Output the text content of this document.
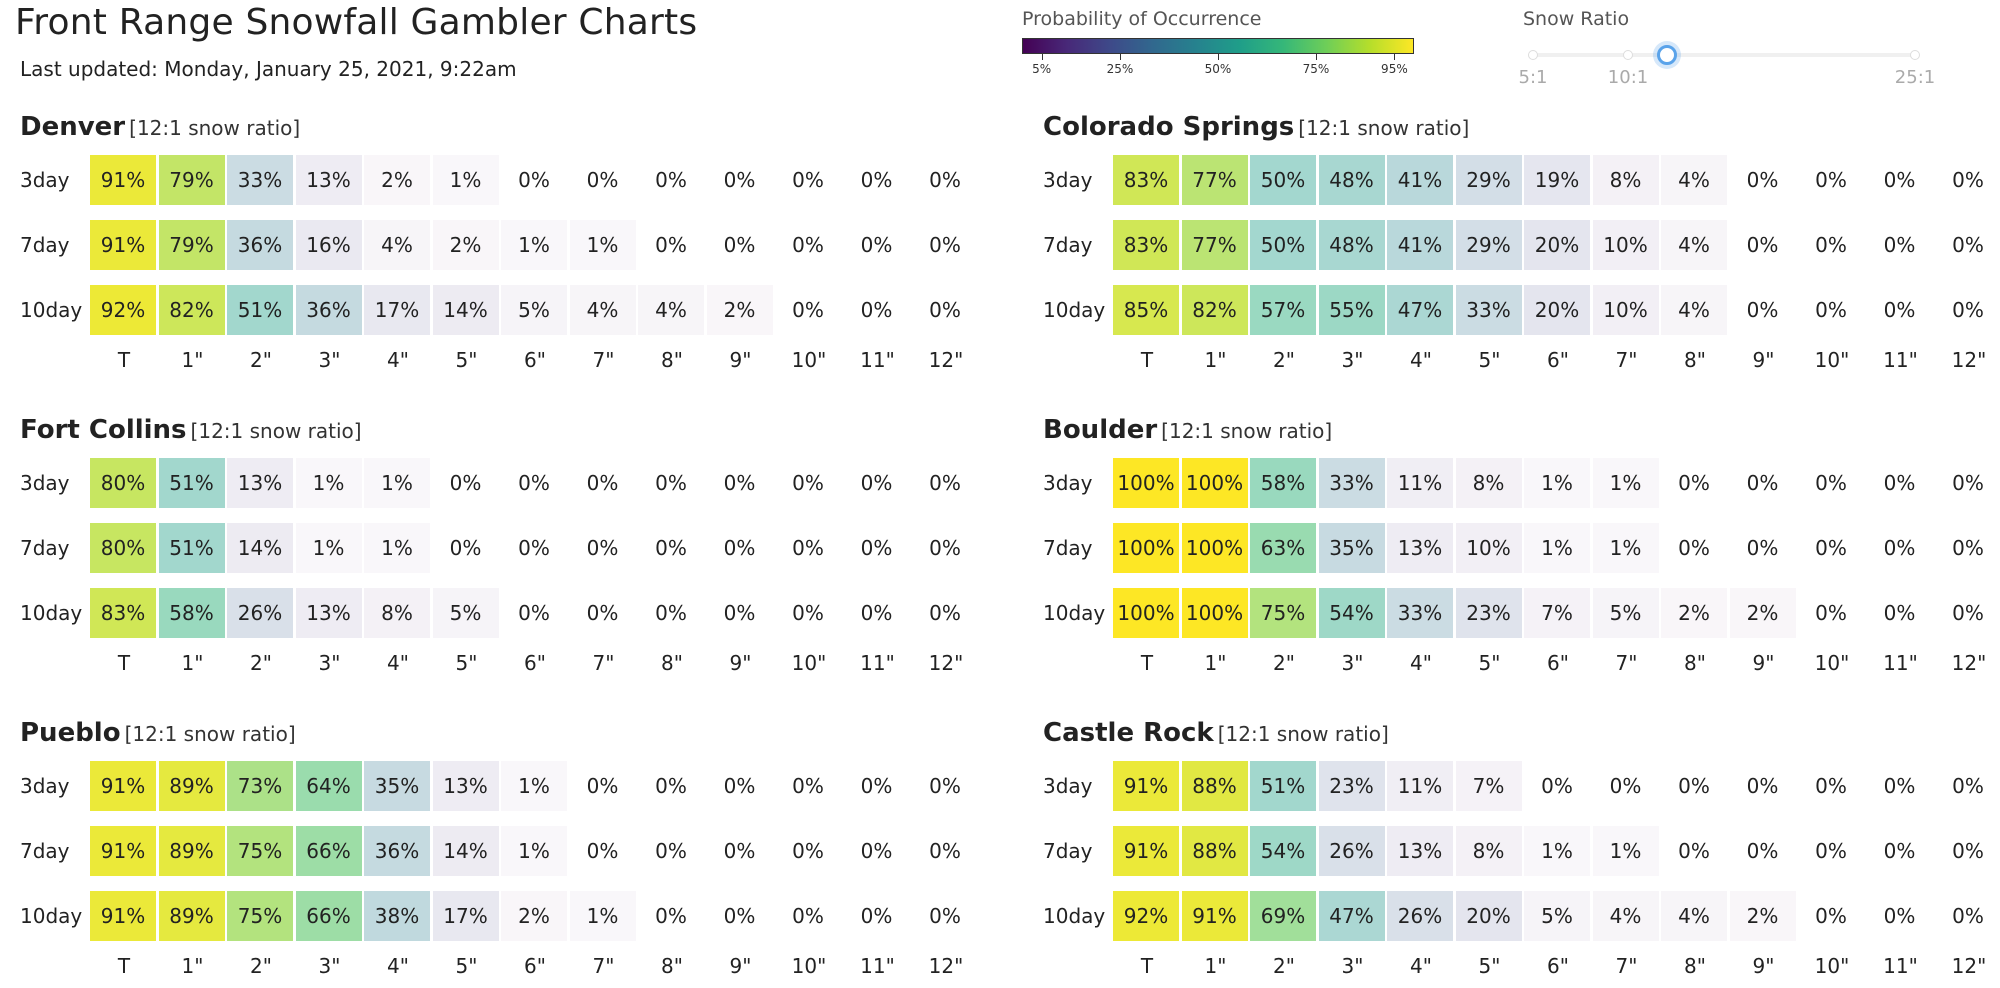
Front Range Snowfall Gambler Charts
Last updated: Monday, January 25, 2021, 9:22am
Probability of Occurrence
5%	25%	50%	75%	95%
Snow Ratio
5:1	10:1	25:1
Denver [12:1 snow ratio]
3day	91%	79%	33%	13%	2%	1%	0%	0%	0%	0%	0%	0%	0%
7day	91%	79%	36%	16%	4%	2%	1%	1%	0%	0%	0%	0%	0%
10day 92%	82%	51%	36%	17%	14%	5%	4%	4%	2%	0%	0%	0%
T	1"	2"	3"	4"	5"	6"	7"	8"	9"	10"	11"	12"
Colorado Springs [12:1 snow ratio]
3day	83%	77%	50%	48%	41%	29%	19%	8%	4%	0%	0%	0%	0%
7day	83%	77%	50%	48%	41%	29%	20%	10%	4%	0%	0%	0%	0%
10day 85%	82%	57%	55%	47%	33%	20%	10%	4%	0%	0%	0%	0%
T	1"	2"	3"	4"	5"	6"	7"	8"	9"	10"	11"	12"
Fort Collins [12:1 snow ratio]
3day	80%	51%	13%	1%	1%	0%	0%	0%	0%	0%	0%	0%	0%
7day	80%	51%	14%	1%	1%	0%	0%	0%	0%	0%	0%	0%	0%
10day 83%	58%	26%	13%	8%	5%	0%	0%	0%	0%	0%	0%	0%
T	1"	2"	3"	4"	5"	6"	7"	8"	9"	10"	11"	12"
Boulder [12:1 snow ratio]
3day 100% 100% 58%	33%	11%	8%	1%	1%	0%	0%	0%	0%	0%
7day 100% 100% 63%	35%	13%	10%	1%	1%	0%	0%	0%	0%	0%
10day 100% 100% 75%	54%	33%	23%	7%	5%	2%	2%	0%	0%	0%
T	1"	2"	3"	4"	5"	6"	7"	8"	9"	10"	11"	12"
Pueblo [12:1 snow ratio]
3day	91%	89%	73%	64%	35%	13%	1%	0%	0%	0%	0%	0%	0%
7day	91%	89%	75%	66%	36%	14%	1%	0%	0%	0%	0%	0%	0%
10day 91%	89%	75%	66%	38%	17%	2%	1%	0%	0%	0%	0%	0%
T	1"	2"	3"	4"	5"	6"	7"	8"	9"	10"	11"	12"
Castle Rock [12:1 snow ratio]
3day	91%	88%	51%	23%	11%	7%	0%	0%	0%	0%	0%	0%	0%
7day	91%	88%	54%	26%	13%	8%	1%	1%	0%	0%	0%	0%	0%
10day 92%	91%	69%	47%	26%	20%	5%	4%	4%	2%	0%	0%	0%
T	1"	2"	3"	4"	5"	6"	7"	8"	9"	10"	11"	12"
